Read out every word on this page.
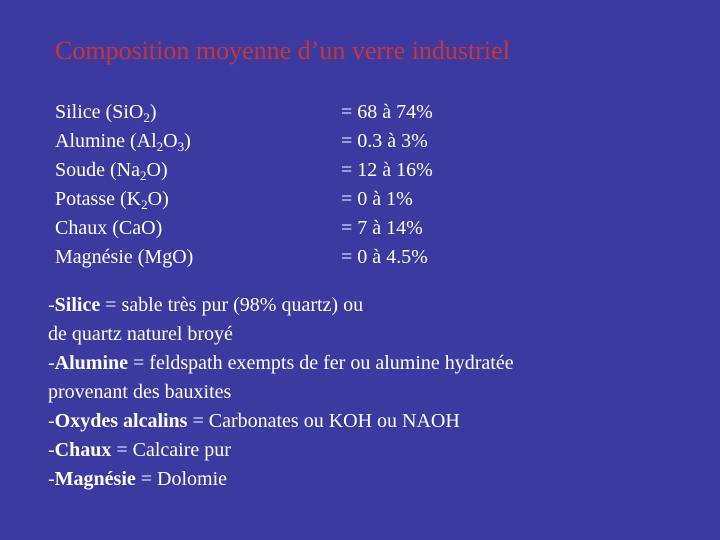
Composition moyenne d’un verre industriel
Silice (SiO$_2$)	= 68 à 74%
Alumine $(Al_2O_3)$	= 0.3 à 3%
Soude $(Na_2O)$	= 12 à 16%
Potasse $(K_2O)$	= 0 à 1%
Chaux (CaO)	= 7 à 14%
Magnésie (MgO)	= 0 à 4.5%
-Silice = sable très pur (98% quartz) ou
de quartz naturel broyé
-Alumine = feldspath exempts de fer ou alumine hydratée
provenant des bauxites
-Oxydes alcalins = Carbonates ou KOH ou NAOH
-Chaux = Calcaire pur
-Magnésie = Dolomie
